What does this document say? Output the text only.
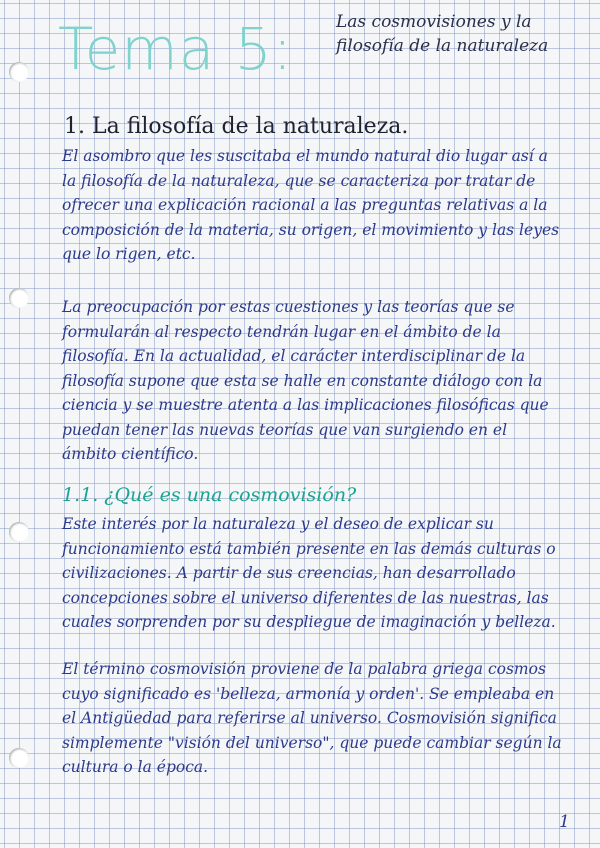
Tema 5:	Las cosmovisiones y la filosofía de la naturaleza
1. La filosofía de la naturaleza.

El asombro que les suscitaba el mundo natural dio lugar así a la filosofía de la naturaleza, que se caracteriza por tratar de ofrecer una explicación racional a las preguntas relativas a la composición de la materia, su origen, el movimiento y las leyes que lo rigen, etc.

La preocupación por estas cuestiones y las teorías que se formularán al respecto tendrán lugar en el ámbito de la filosofía. En la actualidad, el carácter interdisciplinar de la filosofía supone que esta se halle en constante diálogo con la ciencia y se muestre atenta a las implicaciones filosóficas que puedan tener las nuevas teorías que van surgiendo en el ámbito científico.

1.1. ¿Qué es una cosmovisión?

Este interés por la naturaleza y el deseo de explicar su funcionamiento está también presente en las demás culturas o civilizaciones. A partir de sus creencias, han desarrollado concepciones sobre el universo diferentes de las nuestras, las cuales sorprenden por su despliegue de imaginación y belleza.

El término cosmovisión proviene de la palabra griega cosmos cuyo significado es 'belleza, armonía y orden'. Se empleaba en el Antigüedad para referirse al universo. Cosmovisión significa simplemente "visión del universo", que puede cambiar según la cultura o la época.

1
